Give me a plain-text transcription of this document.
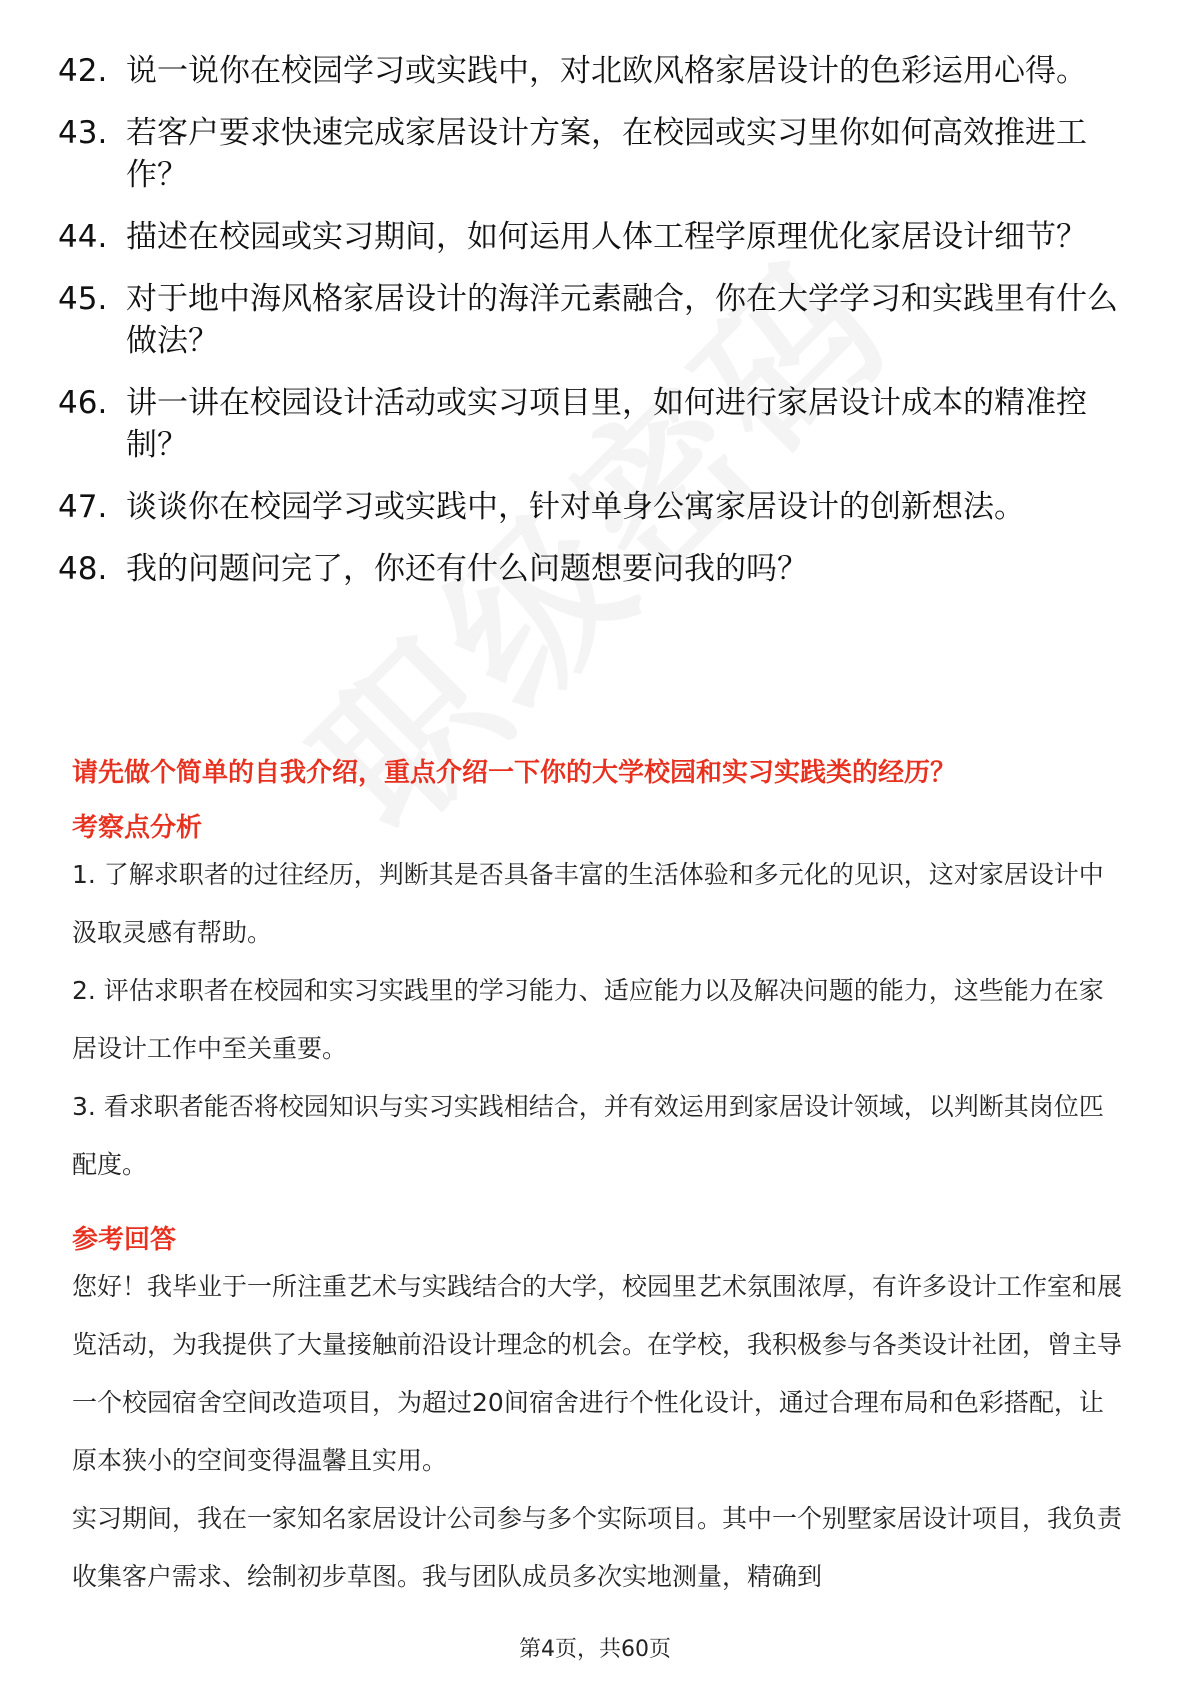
42. 说一说你在校园学习或实践中，对北欧风格家居设计的色彩运用心得。
43. 若客户要求快速完成家居设计方案，在校园或实习里你如何高效推进工作？
44. 描述在校园或实习期间，如何运用人体工程学原理优化家居设计细节？
45. 对于地中海风格家居设计的海洋元素融合，你在大学学习和实践里有什么做法？
46. 讲一讲在校园设计活动或实习项目里，如何进行家居设计成本的精准控制？
47. 谈谈你在校园学习或实践中，针对单身公寓家居设计的创新想法。
48. 我的问题问完了，你还有什么问题想要问我的吗？
请先做个简单的自我介绍，重点介绍一下你的大学校园和实习实践类的经历？
考察点分析
1. 了解求职者的过往经历，判断其是否具备丰富的生活体验和多元化的见识，这对家居设计中汲取灵感有帮助。
2. 评估求职者在校园和实习实践里的学习能力、适应能力以及解决问题的能力，这些能力在家居设计工作中至关重要。
3. 看求职者能否将校园知识与实习实践相结合，并有效运用到家居设计领域，以判断其岗位匹配度。
参考回答
您好！我毕业于一所注重艺术与实践结合的大学，校园里艺术氛围浓厚，有许多设计工作室和展览活动，为我提供了大量接触前沿设计理念的机会。在学校，我积极参与各类设计社团，曾主导一个校园宿舍空间改造项目，为超过20间宿舍进行个性化设计，通过合理布局和色彩搭配，让原本狭小的空间变得温馨且实用。
实习期间，我在一家知名家居设计公司参与多个实际项目。其中一个别墅家居设计项目，我负责收集客户需求、绘制初步草图。我与团队成员多次实地测量，精确到
第4页，共60页
